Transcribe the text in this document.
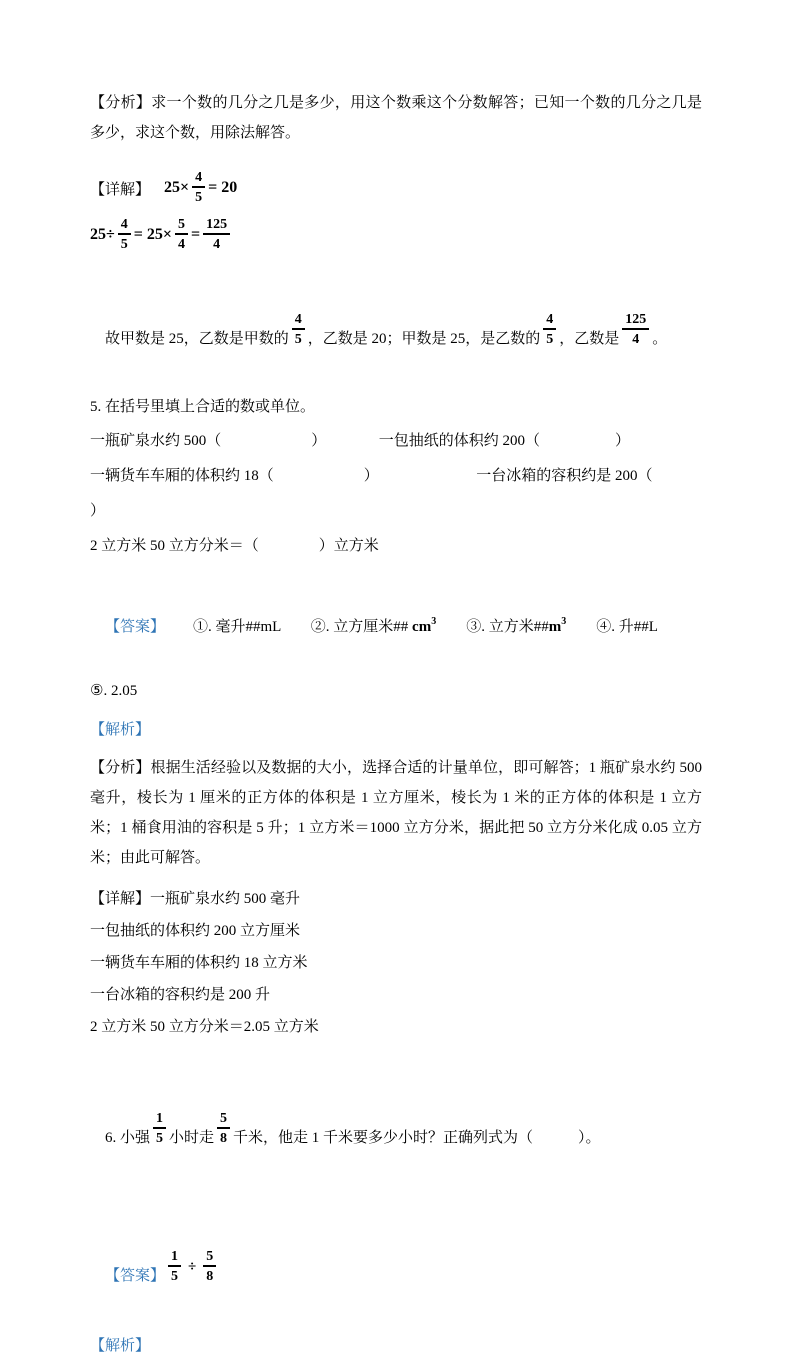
【分析】求一个数的几分之几是多少，用这个数乘这个分数解答；已知一个数的几分之几是多少，求这个数，用除法解答。

【详解】 $25\times \frac{4}{5} = 20$
$25\div \frac{4}{5} = 25\times \frac{5}{4} = \frac{125}{4}$

故甲数是 25，乙数是甲数的 $\frac{4}{5}$ ，乙数是 20；甲数是 25，是乙数的 $\frac{4}{5}$ ，乙数是 $\frac{125}{4}$ 。

5. 在括号里填上合适的数或单位。

一瓶矿泉水约 500（　　　　　　）　　　　一包抽纸的体积约 200（　　　　　）

一辆货车车厢的体积约 18（　　　　　　）　　　　　　　一台冰箱的容积约是 200（

）

2 立方米 50 立方分米＝（　　　　）立方米

【答案】 ①. 毫升##mL　　②. 立方厘米## $cm^3$　　③. 立方米$\#\#m^3$　　④. 升##L

⑤. 2.05

【解析】

【分析】根据生活经验以及数据的大小，选择合适的计量单位，即可解答；1 瓶矿泉水约 500 毫升，棱长为 1 厘米的正方体的体积是 1 立方厘米，棱长为 1 米的正方体的体积是 1 立方米；1 桶食用油的容积是 5 升；1 立方米＝1000 立方分米，据此把 50 立方分米化成 0.05 立方米；由此可解答。

【详解】一瓶矿泉水约 500 毫升

一包抽纸的体积约 200 立方厘米

一辆货车车厢的体积约 18 立方米

一台冰箱的容积约是 200 升

2 立方米 50 立方分米＝2.05 立方米

6. 小强 $\frac{1}{5}$ 小时走 $\frac{5}{8}$ 千米，他走 1 千米要多少小时？正确列式为（　　　）。

【答案】 $\frac{1}{5} \div \frac{5}{8}$

【解析】
